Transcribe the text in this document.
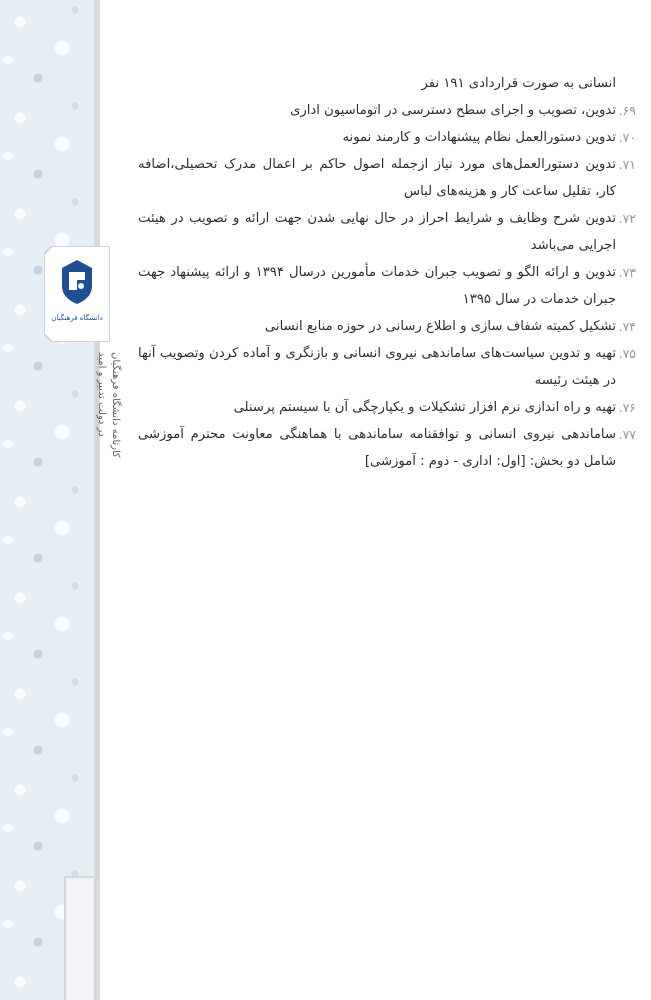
دانشگاه فرهنگیان
کارنامه دانشگاه فرهنگیان
در دولت تدبیر و امید

انسانی به صورت قراردادی ۱۹۱ نفر

۶۹.
تدوین، تصویب و اجرای سطح دسترسی در اتوماسیون اداری

۷۰.
تدوین دستورالعمل نظام پیشنهادات و کارمند نمونه

۷۱.
تدوین دستورالعمل‌های مورد نیاز ازجمله اصول حاکم بر اعمال مدرک تحصیلی،اضافه کار، تقلیل ساعت کار و هزینه‌های لباس

۷۲.
تدوین شرح وظایف و شرایط احراز در حال نهایی شدن جهت ارائه و تصویب در هیئت اجرایی می‌باشد

۷۳.
تدوین و ارائه الگو و تصویب جبران خدمات مأمورین درسال ۱۳۹۴ و ارائه پیشنهاد جهت جبران خدمات در سال ۱۳۹۵

۷۴.
تشکیل کمیته شفاف سازی و اطلاع رسانی در حوزه منابع انسانی

۷۵.
تهیه و تدوین سیاست‌های ساماندهی نیروی انسانی و بازنگری و آماده کردن وتصویب آنها در هیئت رئیسه

۷۶.
تهیه و راه اندازی نرم افزار تشکیلات و یکپارچگی آن با سیستم پرسنلی

۷۷.
ساماندهی نیروی انسانی و توافقنامه ساماندهی با هماهنگی معاونت محترم آموزشی شامل دو بخش: [اول: اداری - دوم : آموزشی]
